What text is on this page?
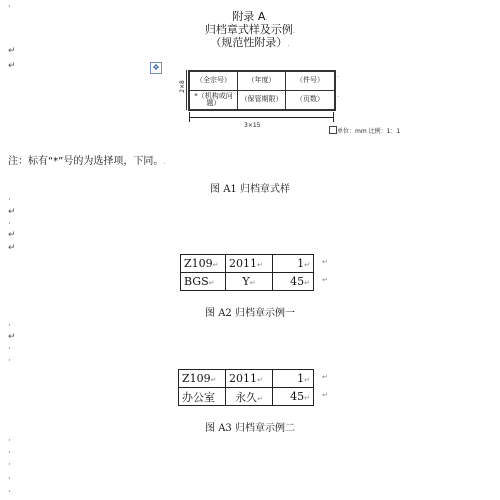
附录 A.
归档章式样及示例.
（规范性附录）.
·
↵
↵	✥
2×8	（全宗号）	（年度）	（件号）
*（机构或问题）	（保管期限）	（页数）
·
·
3×15
单位：mm 比例：1：1
注：标有“*”号的为选择项，下同。.
图 A1 归档章式样
·
↵
·
↵
↵
Z109↵	2011↵	1↵
BGS↵	Y↵	45↵
↵
↵
图 A2 归档章示例一
·
↵
·
·
Z109↵	2011↵	1↵
办公室	永久↵	45↵
↵
↵
图 A3 归档章示例二
·
·
·
·
·
